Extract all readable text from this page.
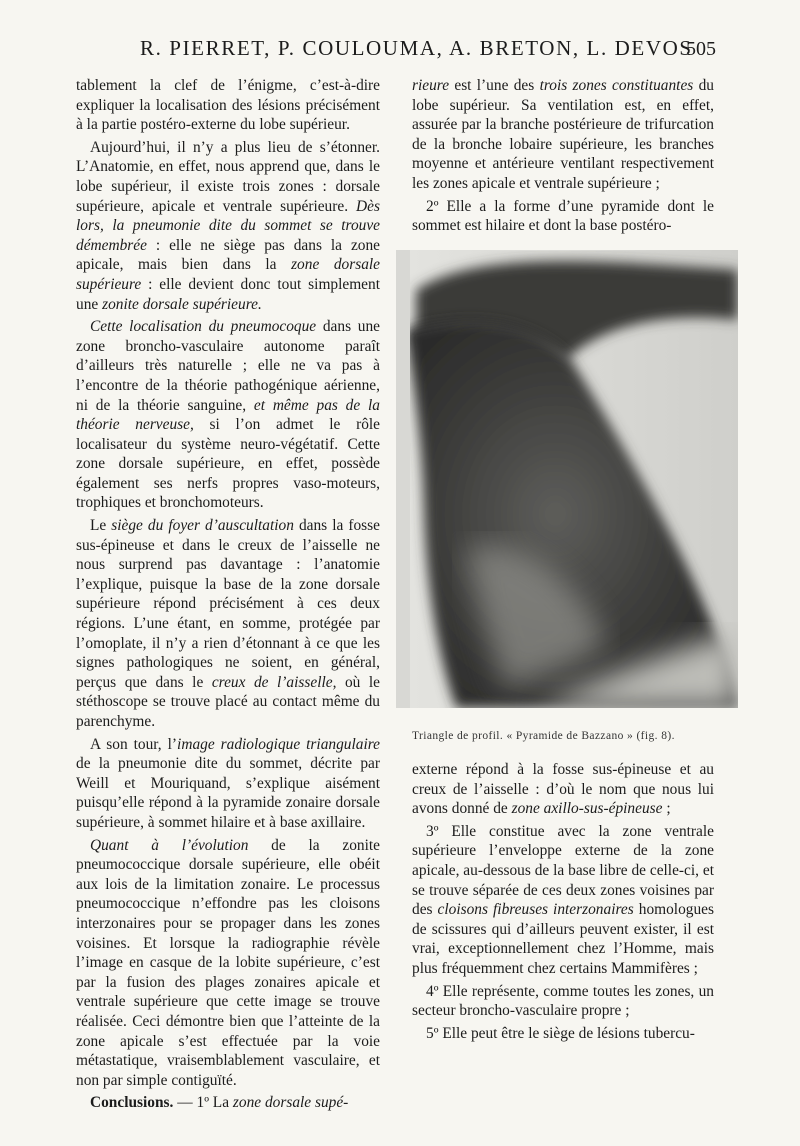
R. PIERRET, P. COULOUMA, A. BRETON, L. DEVOS
505

tablement la clef de l’énigme, c’est-à-dire expliquer la localisation des lésions précisément à la partie postéro-externe du lobe supérieur.

Aujourd’hui, il n’y a plus lieu de s’étonner. L’Anatomie, en effet, nous apprend que, dans le lobe supérieur, il existe trois zones : dorsale supérieure, apicale et ventrale supérieure. Dès lors, la pneumonie dite du sommet se trouve démembrée : elle ne siège pas dans la zone apicale, mais bien dans la zone dorsale supérieure : elle devient donc tout simplement une zonite dorsale supérieure.

Cette localisation du pneumocoque dans une zone broncho-vasculaire autonome paraît d’ailleurs très naturelle ; elle ne va pas à l’encontre de la théorie pathogénique aérienne, ni de la théorie sanguine, et même pas de la théorie nerveuse, si l’on admet le rôle localisateur du système neuro-végétatif. Cette zone dorsale supérieure, en effet, possède également ses nerfs propres vaso-moteurs, trophiques et bronchomoteurs.

Le siège du foyer d’auscultation dans la fosse sus-épineuse et dans le creux de l’aisselle ne nous surprend pas davantage : l’anatomie l’explique, puisque la base de la zone dorsale supérieure répond précisément à ces deux régions. L’une étant, en somme, protégée par l’omoplate, il n’y a rien d’étonnant à ce que les signes pathologiques ne soient, en général, perçus que dans le creux de l’aisselle, où le stéthoscope se trouve placé au contact même du parenchyme.

A son tour, l’image radiologique triangulaire de la pneumonie dite du sommet, décrite par Weill et Mouriquand, s’explique aisément puisqu’elle répond à la pyramide zonaire dorsale supérieure, à sommet hilaire et à base axillaire.

Quant à l’évolution de la zonite pneumococcique dorsale supérieure, elle obéit aux lois de la limitation zonaire. Le processus pneumococcique n’effondre pas les cloisons interzonaires pour se propager dans les zones voisines. Et lorsque la radiographie révèle l’image en casque de la lobite supérieure, c’est par la fusion des plages zonaires apicale et ventrale supérieure que cette image se trouve réalisée. Ceci démontre bien que l’atteinte de la zone apicale s’est effectuée par la voie métastatique, vraisemblablement vasculaire, et non par simple contiguïté.

Conclusions. — 1º La zone dorsale supé-

rieure est l’une des trois zones constituantes du lobe supérieur. Sa ventilation est, en effet, assurée par la branche postérieure de trifurcation de la bronche lobaire supérieure, les branches moyenne et antérieure ventilant respectivement les zones apicale et ventrale supérieure ;

2º Elle a la forme d’une pyramide dont le sommet est hilaire et dont la base postéro-

Triangle de profil. « Pyramide de Bazzano » (fig. 8).

externe répond à la fosse sus-épineuse et au creux de l’aisselle : d’où le nom que nous lui avons donné de zone axillo-sus-épineuse ;

3º Elle constitue avec la zone ventrale supérieure l’enveloppe externe de la zone apicale, au-dessous de la base libre de celle-ci, et se trouve séparée de ces deux zones voisines par des cloisons fibreuses interzonaires homologues de scissures qui d’ailleurs peuvent exister, il est vrai, exceptionnellement chez l’Homme, mais plus fréquemment chez certains Mammifères ;

4º Elle représente, comme toutes les zones, un secteur broncho-vasculaire propre ;

5º Elle peut être le siège de lésions tubercu-
